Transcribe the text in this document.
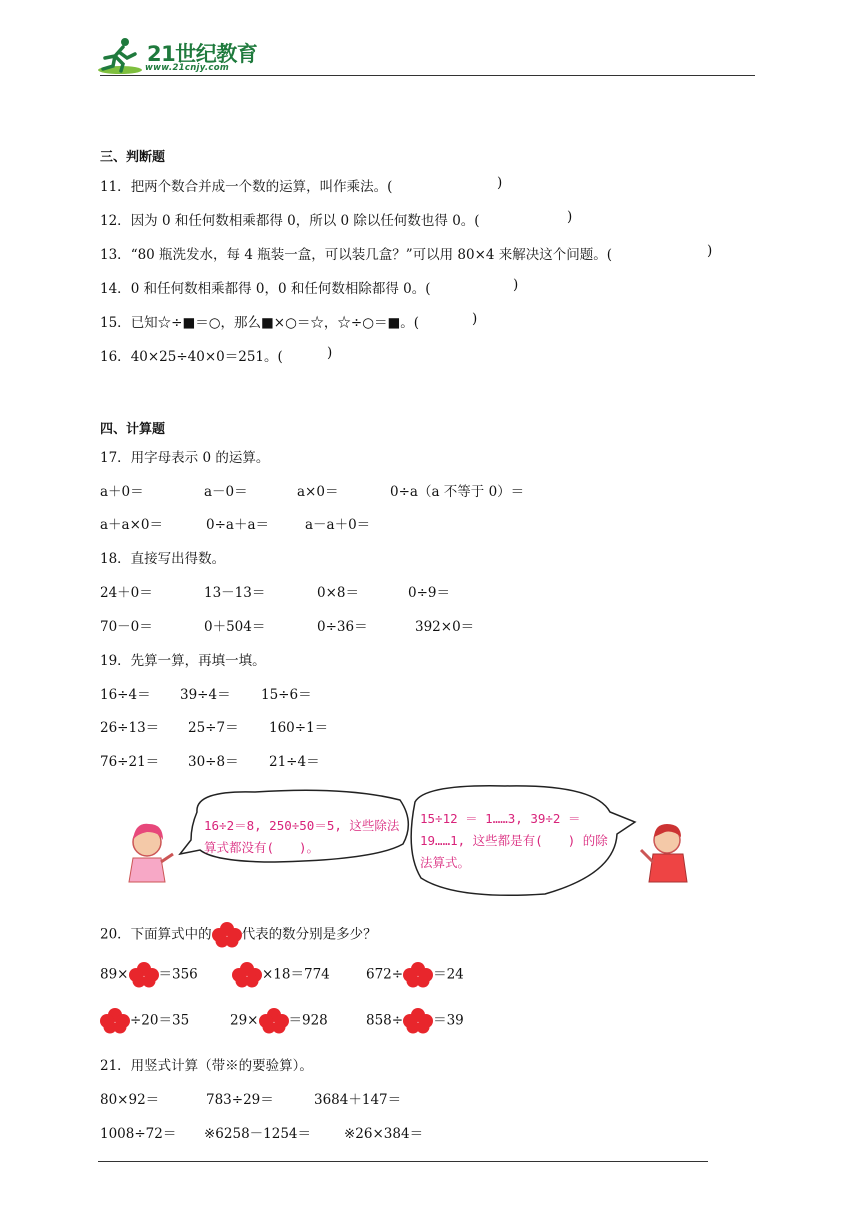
21世纪教育
www.21cnjy.com
三、判断题
11．把两个数合并成一个数的运算，叫作乘法。(	)
12．因为 0 和任何数相乘都得 0，所以 0 除以任何数也得 0。(	)
13．“80 瓶洗发水，每 4 瓶装一盒，可以装几盒？”可以用 80×4 来解决这个问题。(	)
14．0 和任何数相乘都得 0，0 和任何数相除都得 0。(	)
15．已知☆÷■＝○，那么■×○＝☆，☆÷○＝■。(	)
16．40×25÷40×0＝251。(	)
四、计算题
17．用字母表示 0 的运算。
a＋0＝	a－0＝	a×0＝	0÷a（a 不等于 0）＝
a＋a×0＝	0÷a＋a＝	a－a＋0＝
18．直接写出得数。
24＋0＝	13－13＝	0×8＝	0÷9＝
70－0＝	0＋504＝	0÷36＝	392×0＝
19．先算一算，再填一填。
16÷4＝ 39÷4＝ 15÷6＝
26÷13＝ 25÷7＝ 160÷1＝
76÷21＝ 30÷8＝ 21÷4＝
16÷2＝8, 250÷50＝5, 这些除法算式都没有(　　)。
15÷12 ＝ 1……3, 39÷2 ＝ 19……1, 这些都是有(　　) 的除法算式。
20．下面算式中的 代表的数分别是多少？
89× ＝356	×18＝774	672÷ ＝24
÷20＝35	29× ＝928	858÷ ＝39
21．用竖式计算（带※的要验算）。
80×92＝	783÷29＝	3684＋147＝
1008÷72＝ ※6258－1254＝ ※26×384＝
